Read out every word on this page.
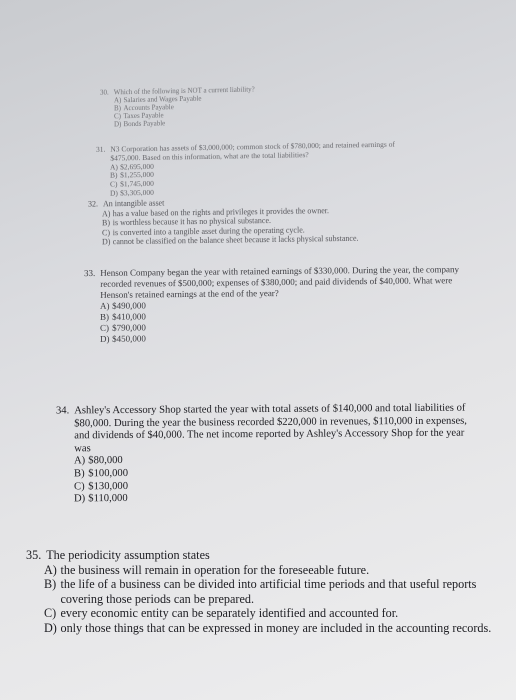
30. Which of the following is NOT a current liability?
A) Salaries and Wages Payable
B) Accounts Payable
C) Taxes Payable
D) Bonds Payable
31. N3 Corporation has assets of $3,000,000; common stock of $780,000; and retained earnings of $475,000. Based on this information, what are the total liabilities?
A) $2,695,000
B) $1,255,000
C) $1,745,000
D) $3,305,000
32. An intangible asset
A) has a value based on the rights and privileges it provides the owner.
B) is worthless because it has no physical substance.
C) is converted into a tangible asset during the operating cycle.
D) cannot be classified on the balance sheet because it lacks physical substance.
33. Henson Company began the year with retained earnings of $330,000. During the year, the company recorded revenues of $500,000; expenses of $380,000; and paid dividends of $40,000. What were Henson's retained earnings at the end of the year?
A) $490,000
B) $410,000
C) $790,000
D) $450,000
34. Ashley's Accessory Shop started the year with total assets of $140,000 and total liabilities of $80,000. During the year the business recorded $220,000 in revenues, $110,000 in expenses, and dividends of $40,000. The net income reported by Ashley's Accessory Shop for the year was
A) $80,000
B) $100,000
C) $130,000
D) $110,000
35. The periodicity assumption states
A) the business will remain in operation for the foreseeable future.
B) the life of a business can be divided into artificial time periods and that useful reports covering those periods can be prepared.
C) every economic entity can be separately identified and accounted for.
D) only those things that can be expressed in money are included in the accounting records.
